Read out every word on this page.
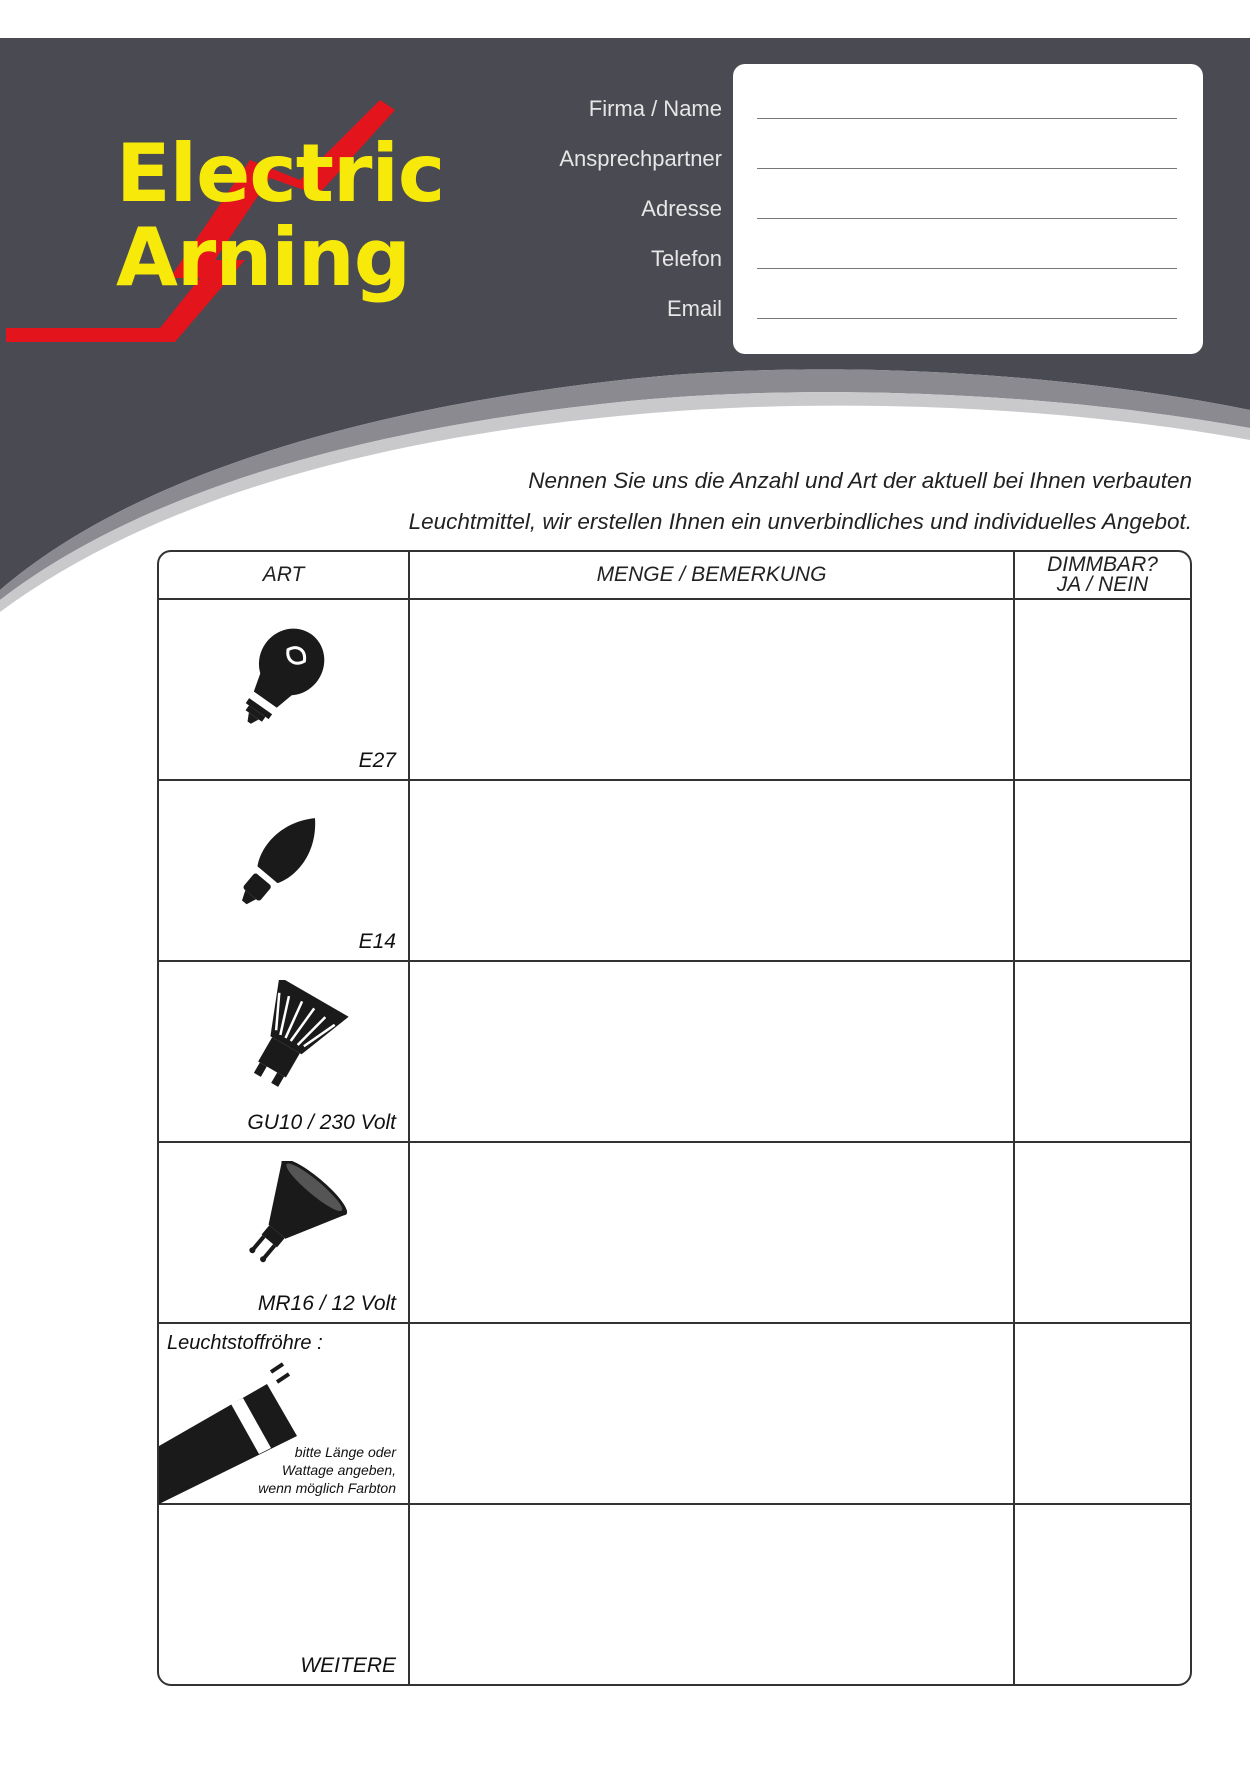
Electric
Arning
Firma / Name
Ansprechpartner
Adresse
Telefon
Email
Nennen Sie uns die Anzahl und Art der aktuell bei Ihnen verbauten
Leuchtmittel, wir erstellen Ihnen ein unverbindliches und individuelles Angebot.
ART	MENGE / BEMERKUNG	DIMMBAR?
JA / NEIN

E27		

E14		

GU10 / 230 Volt		

MR16 / 12 Volt		

Leuchtstoffröhre :
bitte Länge oder
Wattage angeben,
wenn möglich Farbton		

WEITERE		
